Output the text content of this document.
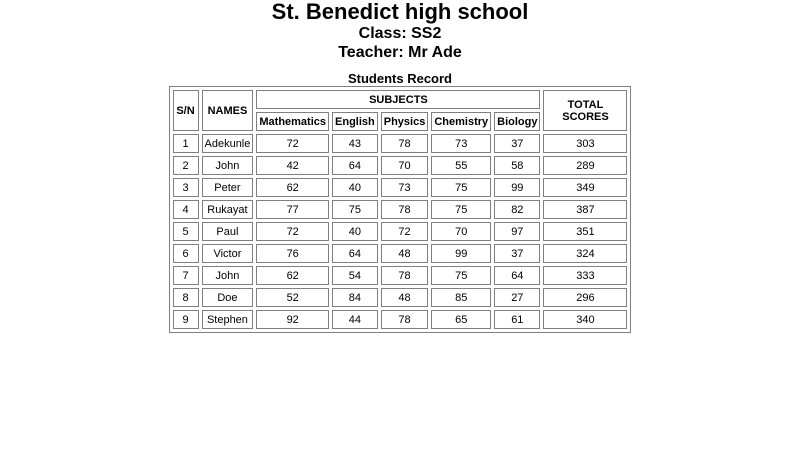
St. Benedict high school
Class: SS2
Teacher: Mr Ade
Students Record
S/N	NAMES	SUBJECTS					TOTAL SCORES
		Mathematics	English	Physics	Chemistry	Biology	
1	Adekunle	72	43	78	73	37	303
2	John	42	64	70	55	58	289
3	Peter	62	40	73	75	99	349
4	Rukayat	77	75	78	75	82	387
5	Paul	72	40	72	70	97	351
6	Victor	76	64	48	99	37	324
7	John	62	54	78	75	64	333
8	Doe	52	84	48	85	27	296
9	Stephen	92	44	78	65	61	340
